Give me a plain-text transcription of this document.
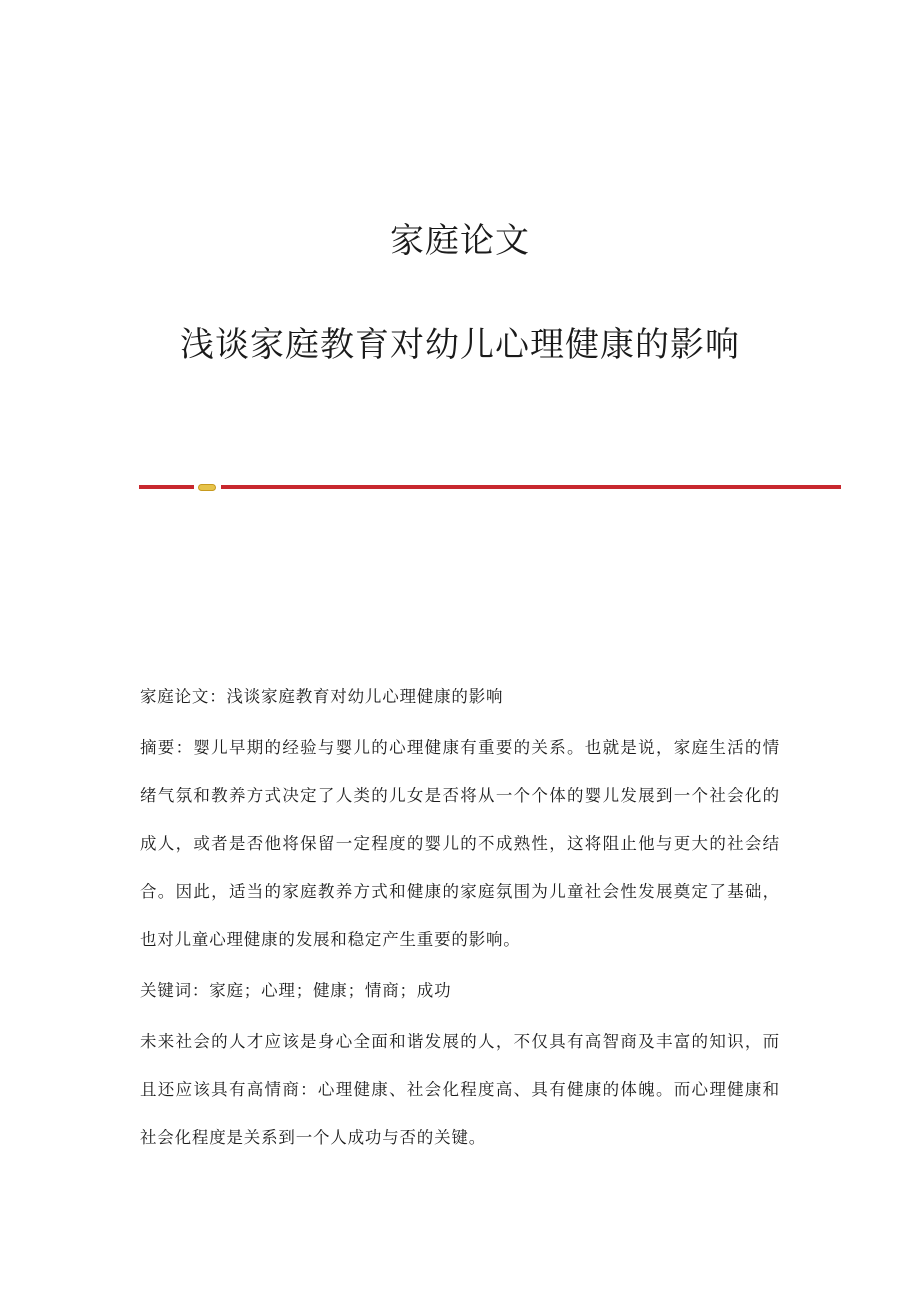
家庭论文
浅谈家庭教育对幼儿心理健康的影响

家庭论文：浅谈家庭教育对幼儿心理健康的影响

摘要：婴儿早期的经验与婴儿的心理健康有重要的关系。也就是说，家庭生活的情绪气氛和教养方式决定了人类的儿女是否将从一个个体的婴儿发展到一个社会化的成人，或者是否他将保留一定程度的婴儿的不成熟性，这将阻止他与更大的社会结合。因此，适当的家庭教养方式和健康的家庭氛围为儿童社会性发展奠定了基础，也对儿童心理健康的发展和稳定产生重要的影响。

关键词：家庭；心理；健康；情商；成功

未来社会的人才应该是身心全面和谐发展的人，不仅具有高智商及丰富的知识，而且还应该具有高情商：心理健康、社会化程度高、具有健康的体魄。而心理健康和社会化程度是关系到一个人成功与否的关键。
